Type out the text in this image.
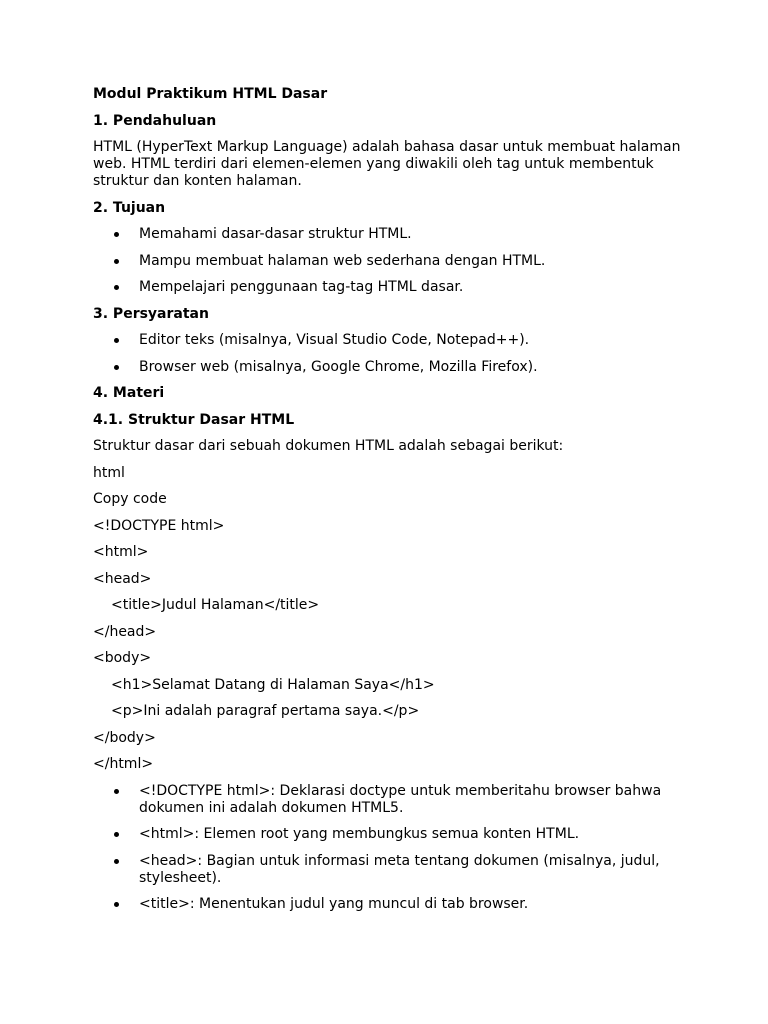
Modul Praktikum HTML Dasar

1. Pendahuluan

HTML (HyperText Markup Language) adalah bahasa dasar untuk membuat halaman web. HTML terdiri dari elemen-elemen yang diwakili oleh tag untuk membentuk struktur dan konten halaman.

2. Tujuan

Memahami dasar-dasar struktur HTML.
Mampu membuat halaman web sederhana dengan HTML.
Mempelajari penggunaan tag-tag HTML dasar.

3. Persyaratan

Editor teks (misalnya, Visual Studio Code, Notepad++).
Browser web (misalnya, Google Chrome, Mozilla Firefox).

4. Materi

4.1. Struktur Dasar HTML

Struktur dasar dari sebuah dokumen HTML adalah sebagai berikut:

html

Copy code

<!DOCTYPE html>

<html>

<head>

<title>Judul Halaman</title>

</head>

<body>

<h1>Selamat Datang di Halaman Saya</h1>

<p>Ini adalah paragraf pertama saya.</p>

</body>

</html>

<!DOCTYPE html>: Deklarasi doctype untuk memberitahu browser bahwa dokumen ini adalah dokumen HTML5.
<html>: Elemen root yang membungkus semua konten HTML.
<head>: Bagian untuk informasi meta tentang dokumen (misalnya, judul, stylesheet).
<title>: Menentukan judul yang muncul di tab browser.
